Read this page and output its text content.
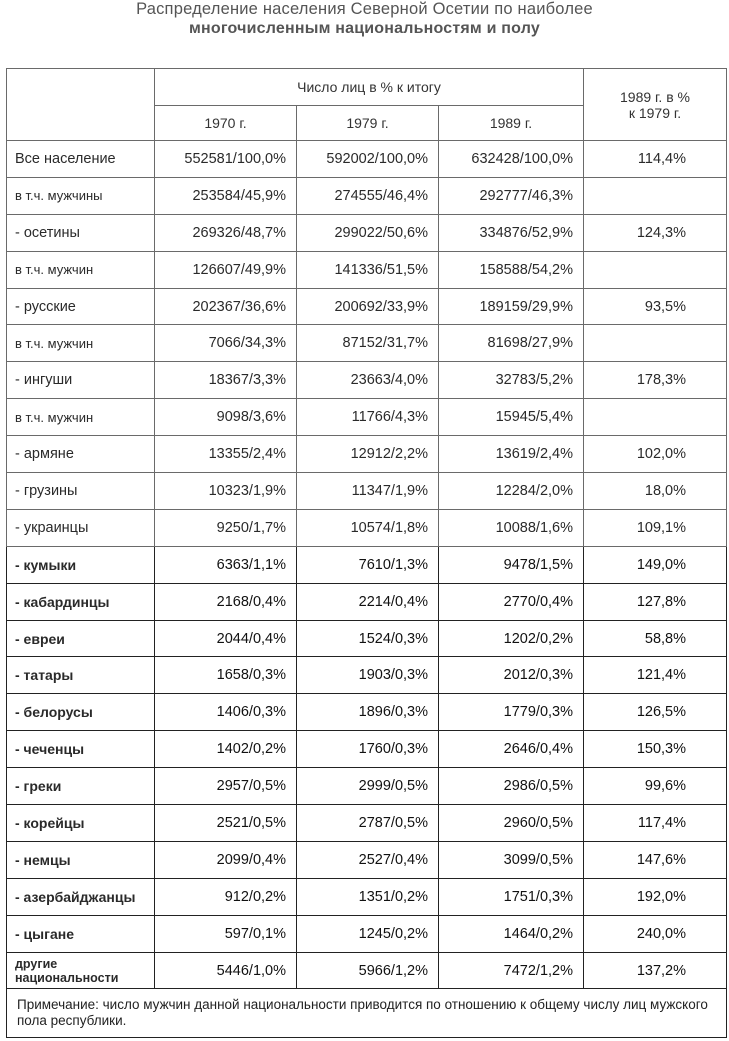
Распределение населения Северной Осетии по наиболее
многочисленным национальностям и полу
	Число лиц в % к итогу			1989 г. в %
к 1979 г.
	1970 г.	1979 г.	1989 г.	
Все население	552581/100,0%	592002/100,0%	632428/100,0%	114,4%
в т.ч. мужчины	253584/45,9%	274555/46,4%	292777/46,3%	
- осетины	269326/48,7%	299022/50,6%	334876/52,9%	124,3%
в т.ч. мужчин	126607/49,9%	141336/51,5%	158588/54,2%	
- русские	202367/36,6%	200692/33,9%	189159/29,9%	93,5%
в т.ч. мужчин	7066/34,3%	87152/31,7%	81698/27,9%	
- ингуши	18367/3,3%	23663/4,0%	32783/5,2%	178,3%
в т.ч. мужчин	9098/3,6%	11766/4,3%	15945/5,4%	
- армяне	13355/2,4%	12912/2,2%	13619/2,4%	102,0%
- грузины	10323/1,9%	11347/1,9%	12284/2,0%	18,0%
- украинцы	9250/1,7%	10574/1,8%	10088/1,6%	109,1%
- кумыки	6363/1,1%	7610/1,3%	9478/1,5%	149,0%
- кабардинцы	2168/0,4%	2214/0,4%	2770/0,4%	127,8%
- евреи	2044/0,4%	1524/0,3%	1202/0,2%	58,8%
- татары	1658/0,3%	1903/0,3%	2012/0,3%	121,4%
- белорусы	1406/0,3%	1896/0,3%	1779/0,3%	126,5%
- чеченцы	1402/0,2%	1760/0,3%	2646/0,4%	150,3%
- греки	2957/0,5%	2999/0,5%	2986/0,5%	99,6%
- корейцы	2521/0,5%	2787/0,5%	2960/0,5%	117,4%
- немцы	2099/0,4%	2527/0,4%	3099/0,5%	147,6%
- азербайджанцы	912/0,2%	1351/0,2%	1751/0,3%	192,0%
- цыгане	597/0,1%	1245/0,2%	1464/0,2%	240,0%
другие национальности	5446/1,0%	5966/1,2%	7472/1,2%	137,2%
Примечание: число мужчин данной национальности приводится по отношению к общему числу лиц мужского пола республики.				
